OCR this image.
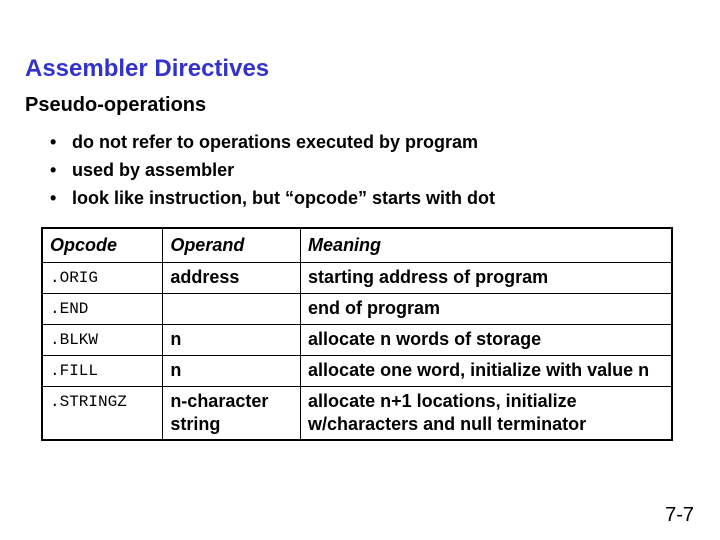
Assembler Directives
Pseudo-operations
• do not refer to operations executed by program
• used by assembler
• look like instruction, but “opcode” starts with dot
Opcode	Operand	Meaning
.ORIG	address	starting address of program
.END		end of program
.BLKW	n	allocate n words of storage
.FILL	n	allocate one word, initialize with value n
.STRINGZ	n-character string	allocate n+1 locations, initialize w/characters and null terminator
7-7
